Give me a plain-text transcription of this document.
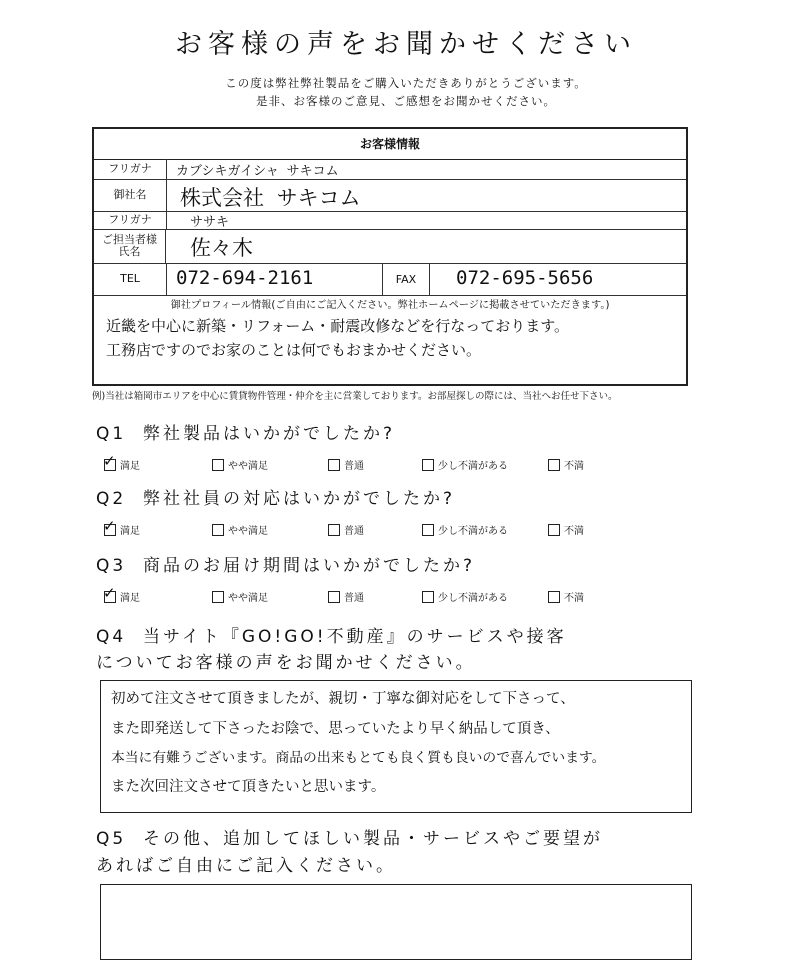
お客様の声をお聞かせください
この度は弊社弊社製品をご購入いただきありがとうございます。
是非、お客様のご意見、ご感想をお聞かせください。
お客様情報
フリガナ	カブシキガイシャ サキコム
御社名	株式会社 サキコム
フリガナ	ササキ
ご担当者様氏名	佐々木
TEL	072-694-2161	FAX	072-695-5656
御社プロフィール情報(ご自由にご記入ください。弊社ホームページに掲載させていただきます。)
近畿を中心に新築・リフォーム・耐震改修などを行なっております。
工務店ですのでお家のことは何でもおまかせください。
例)当社は箱岡市エリアを中心に賃貸物件管理・仲介を主に営業しております。お部屋探しの際には、当社へお任せ下さい。
Q1 弊社製品はいかがでしたか?
✓ 満足	やや満足	普通	少し不満がある	不満
Q2 弊社社員の対応はいかがでしたか?
✓ 満足	やや満足	普通	少し不満がある	不満
Q3 商品のお届け期間はいかがでしたか?
✓ 満足	やや満足	普通	少し不満がある	不満
Q4 当サイト『GO!GO!不動産』のサービスや接客
についてお客様の声をお聞かせください。
初めて注文させて頂きましたが、親切・丁寧な御対応をして下さって、
また即発送して下さったお陰で、思っていたより早く納品して頂き、
本当に有難うございます。商品の出来もとても良く質も良いので喜んでいます。
また次回注文させて頂きたいと思います。
Q5 その他、追加してほしい製品・サービスやご要望が
あればご自由にご記入ください。
